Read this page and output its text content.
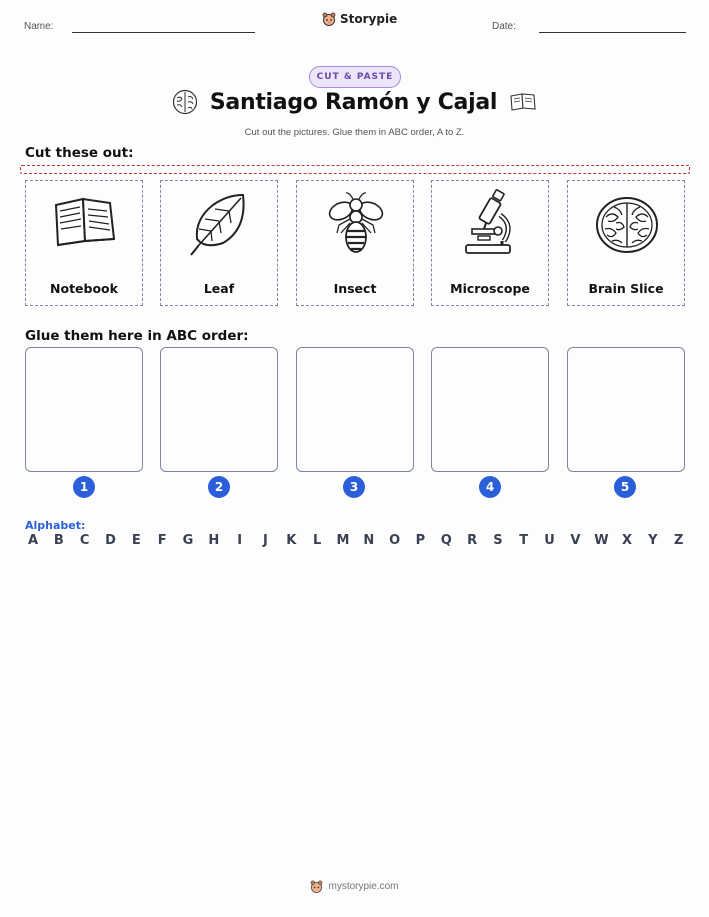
Name:
Storypie
Date:
CUT & PASTE
Santiago Ramón y Cajal
Cut out the pictures. Glue them in ABC order, A to Z.
Cut these out:
Notebook	Leaf	Insect	Microscope	Brain Slice
Glue them here in ABC order:
1	2	3	4	5
Alphabet:
A B C D E F G H	I	J	K L M N O P Q R S T U V W X Y Z
mystorypie.com
